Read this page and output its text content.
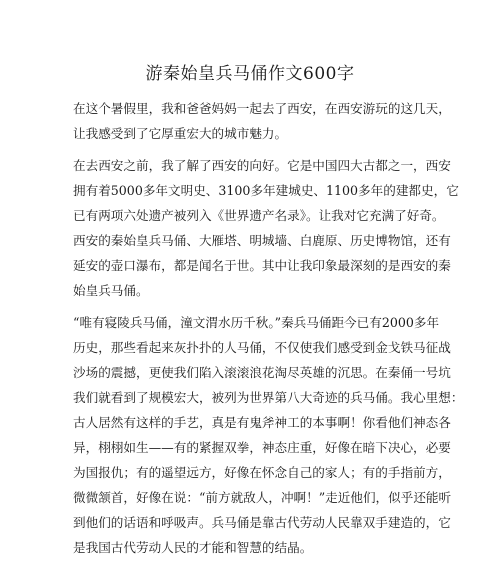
游秦始皇兵马俑作文600字
在这个暑假里，我和爸爸妈妈一起去了西安，在西安游玩的这几天，
让我感受到了它厚重宏大的城市魅力。
在去西安之前，我了解了西安的向好。它是中国四大古都之一，西安
拥有着5000多年文明史、3100多年建城史、1100多年的建都史，它
已有两项六处遗产被列入《世界遗产名录》。让我对它充满了好奇。
西安的秦始皇兵马俑、大雁塔、明城墙、白鹿原、历史博物馆，还有
延安的壶口瀑布，都是闻名于世。其中让我印象最深刻的是西安的秦
始皇兵马俑。
“唯有寝陵兵马俑，潼文渭水历千秋。”秦兵马俑距今已有2000多年
历史，那些看起来灰扑扑的人马俑，不仅使我们感受到金戈铁马征战
沙场的震撼，更使我们陷入滚滚浪花淘尽英雄的沉思。在秦俑一号坑
我们就看到了规模宏大，被列为世界第八大奇迹的兵马俑。我心里想：
古人居然有这样的手艺，真是有鬼斧神工的本事啊！你看他们神态各
异，栩栩如生——有的紧握双拳，神态庄重，好像在暗下决心，必要
为国报仇；有的遥望远方，好像在怀念自己的家人；有的手指前方，
微微颔首，好像在说：“前方就敌人，冲啊！”走近他们，似乎还能听
到他们的话语和呼吸声。兵马俑是靠古代劳动人民靠双手建造的，它
是我国古代劳动人民的才能和智慧的结晶。
